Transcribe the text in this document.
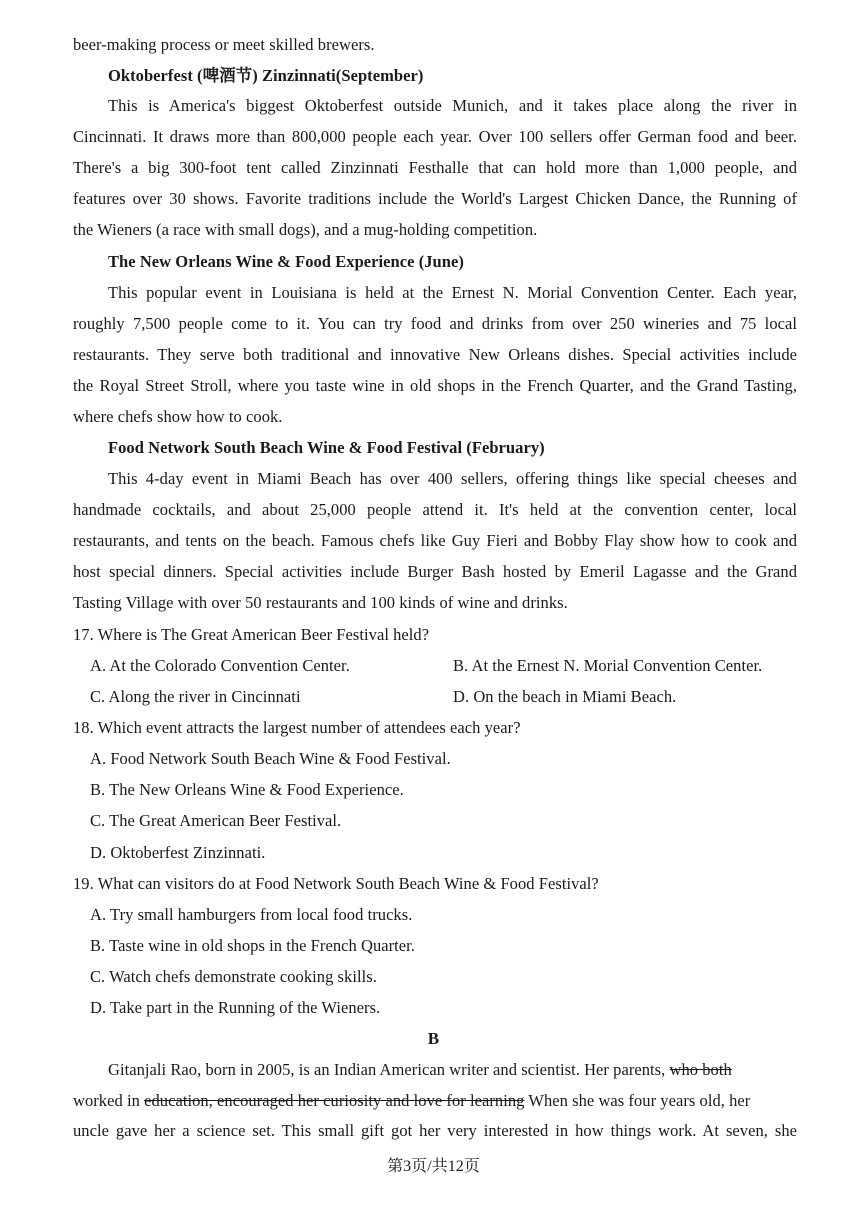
beer-making process or meet skilled brewers.
Oktoberfest (啤酒节) Zinzinnati(September)
This is America's biggest Oktoberfest outside Munich, and it takes place along the river in
Cincinnati. It draws more than 800,000 people each year. Over 100 sellers offer German food and beer.
There's a big 300-foot tent called Zinzinnati Festhalle that can hold more than 1,000 people, and
features over 30 shows. Favorite traditions include the World's Largest Chicken Dance, the Running of
the Wieners (a race with small dogs), and a mug-holding competition.
The New Orleans Wine & Food Experience (June)
This popular event in Louisiana is held at the Ernest N. Morial Convention Center. Each year,
roughly 7,500 people come to it. You can try food and drinks from over 250 wineries and 75 local
restaurants. They serve both traditional and innovative New Orleans dishes. Special activities include
the Royal Street Stroll, where you taste wine in old shops in the French Quarter, and the Grand Tasting,
where chefs show how to cook.
Food Network South Beach Wine & Food Festival (February)
This 4-day event in Miami Beach has over 400 sellers, offering things like special cheeses and
handmade cocktails, and about 25,000 people attend it. It's held at the convention center, local
restaurants, and tents on the beach. Famous chefs like Guy Fieri and Bobby Flay show how to cook and
host special dinners. Special activities include Burger Bash hosted by Emeril Lagasse and the Grand
Tasting Village with over 50 restaurants and 100 kinds of wine and drinks.
17. Where is The Great American Beer Festival held?
A. At the Colorado Convention Center.	B. At the Ernest N. Morial Convention Center.
C. Along the river in Cincinnati	D. On the beach in Miami Beach.
18. Which event attracts the largest number of attendees each year?
A. Food Network South Beach Wine & Food Festival.
B. The New Orleans Wine & Food Experience.
C. The Great American Beer Festival.
D. Oktoberfest Zinzinnati.
19. What can visitors do at Food Network South Beach Wine & Food Festival?
A. Try small hamburgers from local food trucks.
B. Taste wine in old shops in the French Quarter.
C. Watch chefs demonstrate cooking skills.
D. Take part in the Running of the Wieners.
B
Gitanjali Rao, born in 2005, is an Indian American writer and scientist. Her parents, who both
worked in education, encouraged her curiosity and love for learning When she was four years old, her
uncle gave her a science set. This small gift got her very interested in how things work. At seven, she
第3页/共12页
